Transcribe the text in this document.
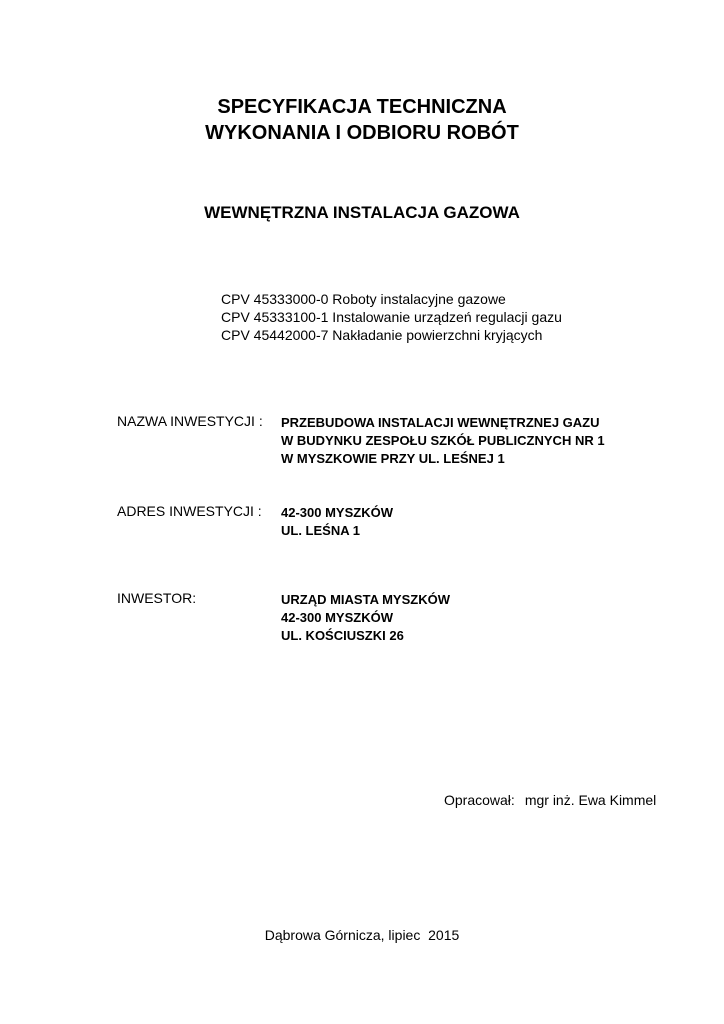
SPECYFIKACJA TECHNICZNA
WYKONANIA I ODBIORU ROBÓT
WEWNĘTRZNA INSTALACJA GAZOWA
CPV 45333000-0 Roboty instalacyjne gazowe
CPV 45333100-1 Instalowanie urządzeń regulacji gazu
CPV 45442000-7 Nakładanie powierzchni kryjących
NAZWA INWESTYCJI : PRZEBUDOWA INSTALACJI WEWNĘTRZNEJ GAZU
W BUDYNKU ZESPOŁU SZKÓŁ PUBLICZNYCH NR 1
W MYSZKOWIE PRZY UL. LEŚNEJ 1
ADRES INWESTYCJI : 42-300 MYSZKÓW
UL. LEŚNA 1
INWESTOR:	URZĄD MIASTA MYSZKÓW
42-300 MYSZKÓW
UL. KOŚCIUSZKI 26
Opracował: mgr inż. Ewa Kimmel
Dąbrowa Górnicza, lipiec  2015
